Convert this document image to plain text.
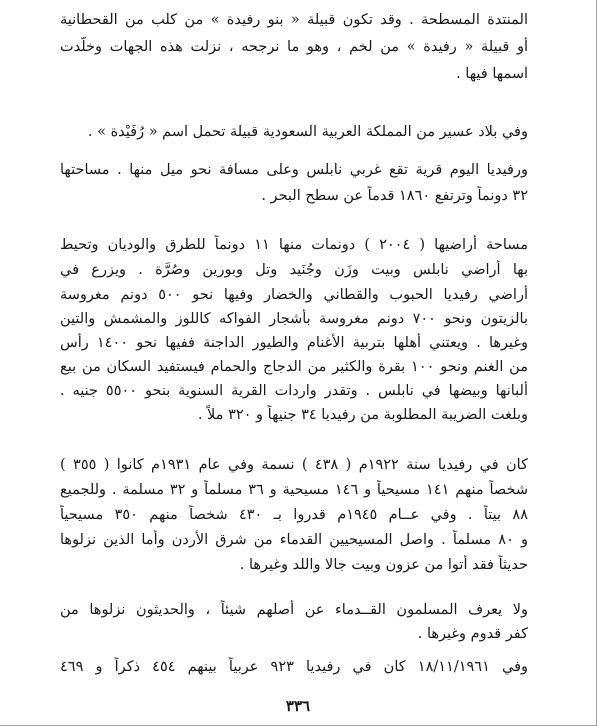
المنتدة المسطحة . وقد تكون قبيلة « بنو رفيدة » من كلب من القحطانية
أو قبيلة « رفيدة » من لخم ، وهو ما نرجحه ، نزلت هذه الجهات وخلّدت
اسمها فيها .
وفي بلاد عسير من المملكة العربية السعودية قبيلة تحمل اسم « رُفَيْدة » .
ورفيديا اليوم قرية تقع غربي نابلس وعلى مسافة نحو ميل منها . مساحتها
٣٢ دونماً وترتفع ١٨٦٠ قدماً عن سطح البحر .
مساحة أراضيها ( ٢٠٠٤ ) دونمات منها ١١ دونماً للطرق والوديان وتحيط
بها أراضي نابلس وبيت وزَن وجُنَيد وتل وبورين وصُرَّة . ويزرع في
أراضي رفيديا الحبوب والقطاني والخضار وفيها نحو ٥٠٠ دونم مغروسة
بالزيتون ونحو ٧٠٠ دونم مغروسة بأشجار الفواكه كاللوز والمشمش والتين
وغيرها . ويعتني أهلها بتربية الأغنام والطيور الداجنة ففيها نحو ١٤٠٠ رأس
من الغنم ونحو ١٠٠ بقرة والكثير من الدجاج والحمام فيستفيد السكان من بيع
ألبانها وبيضها في نابلس . وتقدر واردات القرية السنوية بنحو ٥٥٠٠ جنيه .
وبلغت الضريبة المطلوبة من رفيديا ٣٤ جنيهاً و ٣٢٠ ملاً .
كان في رفيديا سنة ١٩٢٢م ( ٤٣٨ ) نسمة وفي عام ١٩٣١م كانوا ( ٣٥٥ )
شخصاً منهم ١٤١ مسيحياً و ١٤٦ مسيحية و ٣٦ مسلماً و ٣٢ مسلمة . وللجميع
٨٨ بيتاً . وفي عــام ١٩٤٥م قدروا بـ ٤٣٠ شخصاً منهم ٣٥٠ مسيحياً
و ٨٠ مسلماً . واصل المسيحيين القدماء من شرق الأردن وأما الذين نزلوها
حديثاً فقد أتوا من عزون وبيت جالا واللد وغيرها .
ولا يعرف المسلمون القــدماء عن أصلهم شيئاً ، والحديثون نزلوها من
كفر قدوم وغيرها .
وفي ١٨/١١/١٩٦١ كان في رفيديا ٩٢٣ عربياً بينهم ٤٥٤ ذكراً و ٤٦٩
٣٣٦
